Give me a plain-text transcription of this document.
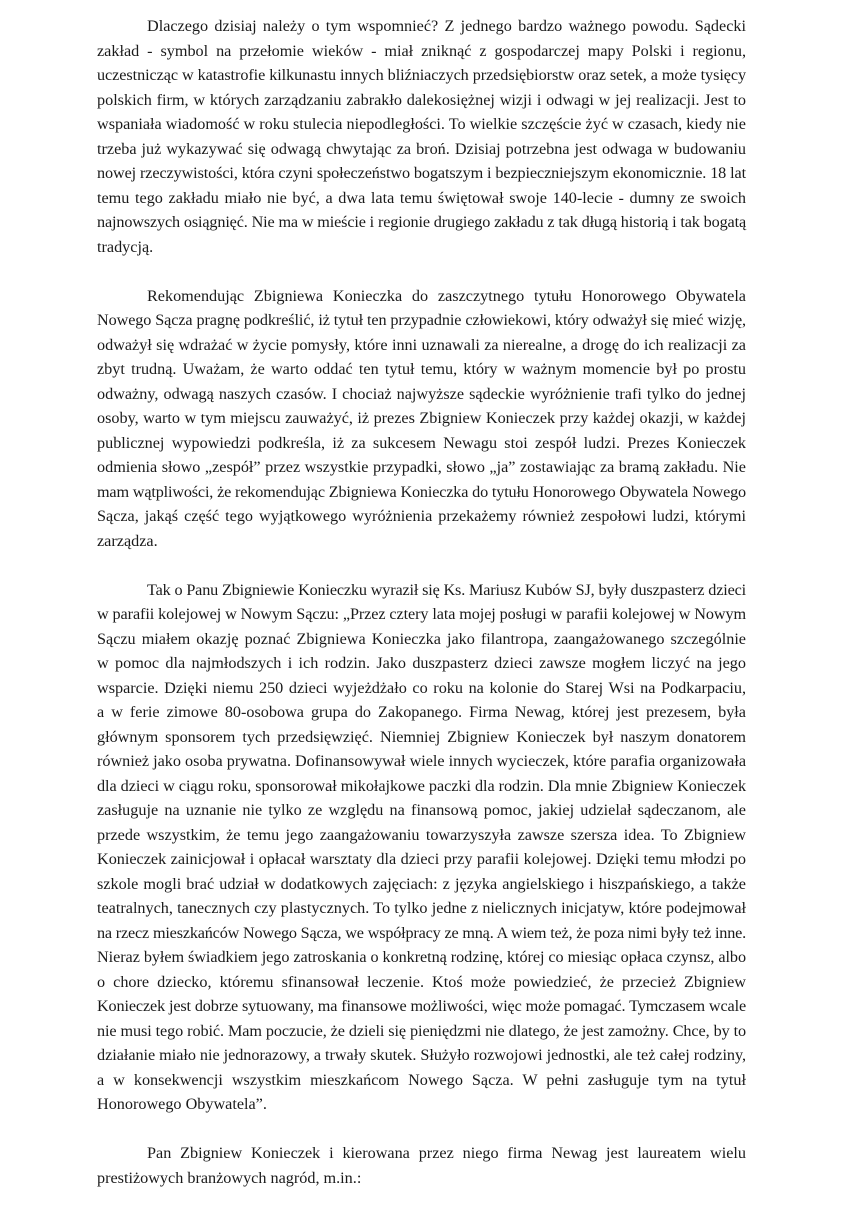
Dlaczego dzisiaj należy o tym wspomnieć? Z jednego bardzo ważnego powodu. Sądecki
zakład - symbol na przełomie wieków - miał zniknąć z gospodarczej mapy Polski i regionu,
uczestnicząc w katastrofie kilkunastu innych bliźniaczych przedsiębiorstw oraz setek, a może tysięcy
polskich firm, w których zarządzaniu zabrakło dalekosiężnej wizji i odwagi w jej realizacji. Jest to
wspaniała wiadomość w roku stulecia niepodległości. To wielkie szczęście żyć w czasach, kiedy nie
trzeba już wykazywać się odwagą chwytając za broń. Dzisiaj potrzebna jest odwaga w budowaniu
nowej rzeczywistości, która czyni społeczeństwo bogatszym i bezpieczniejszym ekonomicznie. 18 lat
temu tego zakładu miało nie być, a dwa lata temu świętował swoje 140-lecie - dumny ze swoich
najnowszych osiągnięć. Nie ma w mieście i regionie drugiego zakładu z tak długą historią i tak bogatą
tradycją.
Rekomendując Zbigniewa Konieczka do zaszczytnego tytułu Honorowego Obywatela
Nowego Sącza pragnę podkreślić, iż tytuł ten przypadnie człowiekowi, który odważył się mieć wizję,
odważył się wdrażać w życie pomysły, które inni uznawali za nierealne, a drogę do ich realizacji za
zbyt trudną. Uważam, że warto oddać ten tytuł temu, który w ważnym momencie był po prostu
odważny, odwagą naszych czasów. I chociaż najwyższe sądeckie wyróżnienie trafi tylko do jednej
osoby, warto w tym miejscu zauważyć, iż prezes Zbigniew Konieczek przy każdej okazji, w każdej
publicznej wypowiedzi podkreśla, iż za sukcesem Newagu stoi zespół ludzi. Prezes Konieczek
odmienia słowo „zespół” przez wszystkie przypadki, słowo „ja” zostawiając za bramą zakładu. Nie
mam wątpliwości, że rekomendując Zbigniewa Konieczka do tytułu Honorowego Obywatela Nowego
Sącza, jakąś część tego wyjątkowego wyróżnienia przekażemy również zespołowi ludzi, którymi
zarządza.
Tak o Panu Zbigniewie Konieczku wyraził się Ks. Mariusz Kubów SJ, były duszpasterz dzieci
w parafii kolejowej w Nowym Sączu: „Przez cztery lata mojej posługi w parafii kolejowej w Nowym
Sączu miałem okazję poznać Zbigniewa Konieczka jako filantropa, zaangażowanego szczególnie
w pomoc dla najmłodszych i ich rodzin. Jako duszpasterz dzieci zawsze mogłem liczyć na jego
wsparcie. Dzięki niemu 250 dzieci wyjeżdżało co roku na kolonie do Starej Wsi na Podkarpaciu,
a w ferie zimowe 80-osobowa grupa do Zakopanego. Firma Newag, której jest prezesem, była
głównym sponsorem tych przedsięwzięć. Niemniej Zbigniew Konieczek był naszym donatorem
również jako osoba prywatna. Dofinansowywał wiele innych wycieczek, które parafia organizowała
dla dzieci w ciągu roku, sponsorował mikołajkowe paczki dla rodzin. Dla mnie Zbigniew Konieczek
zasługuje na uznanie nie tylko ze względu na finansową pomoc, jakiej udzielał sądeczanom, ale
przede wszystkim, że temu jego zaangażowaniu towarzyszyła zawsze szersza idea. To Zbigniew
Konieczek zainicjował i opłacał warsztaty dla dzieci przy parafii kolejowej. Dzięki temu młodzi po
szkole mogli brać udział w dodatkowych zajęciach: z języka angielskiego i hiszpańskiego, a także
teatralnych, tanecznych czy plastycznych. To tylko jedne z nielicznych inicjatyw, które podejmował
na rzecz mieszkańców Nowego Sącza, we współpracy ze mną. A wiem też, że poza nimi były też inne.
Nieraz byłem świadkiem jego zatroskania o konkretną rodzinę, której co miesiąc opłaca czynsz, albo
o chore dziecko, któremu sfinansował leczenie. Ktoś może powiedzieć, że przecież Zbigniew
Konieczek jest dobrze sytuowany, ma finansowe możliwości, więc może pomagać. Tymczasem wcale
nie musi tego robić. Mam poczucie, że dzieli się pieniędzmi nie dlatego, że jest zamożny. Chce, by to
działanie miało nie jednorazowy, a trwały skutek. Służyło rozwojowi jednostki, ale też całej rodziny,
a w konsekwencji wszystkim mieszkańcom Nowego Sącza. W pełni zasługuje tym na tytuł
Honorowego Obywatela”.
Pan Zbigniew Konieczek i kierowana przez niego firma Newag jest laureatem wielu
prestiżowych branżowych nagród, m.in.:
